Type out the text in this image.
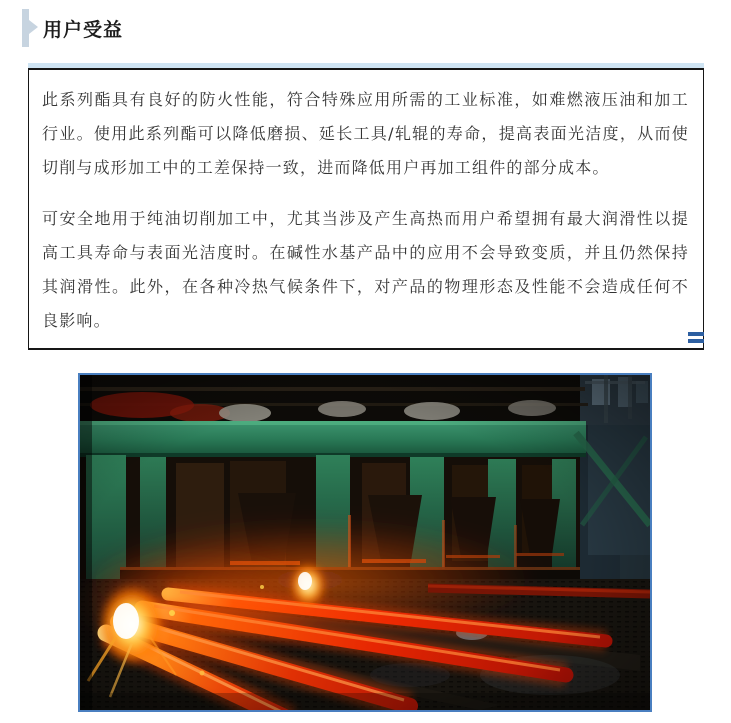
用户受益

此系列酯具有良好的防火性能，符合特殊应用所需的工业标准，如难燃液压油和加工行业。使用此系列酯可以降低磨损、延长工具/轧辊的寿命，提高表面光洁度，从而使切削与成形加工中的工差保持一致，进而降低用户再加工组件的部分成本。

可安全地用于纯油切削加工中，尤其当涉及产生高热而用户希望拥有最大润滑性以提高工具寿命与表面光洁度时。在碱性水基产品中的应用不会导致变质，并且仍然保持其润滑性。此外，在各种冷热气候条件下，对产品的物理形态及性能不会造成任何不良影响。
